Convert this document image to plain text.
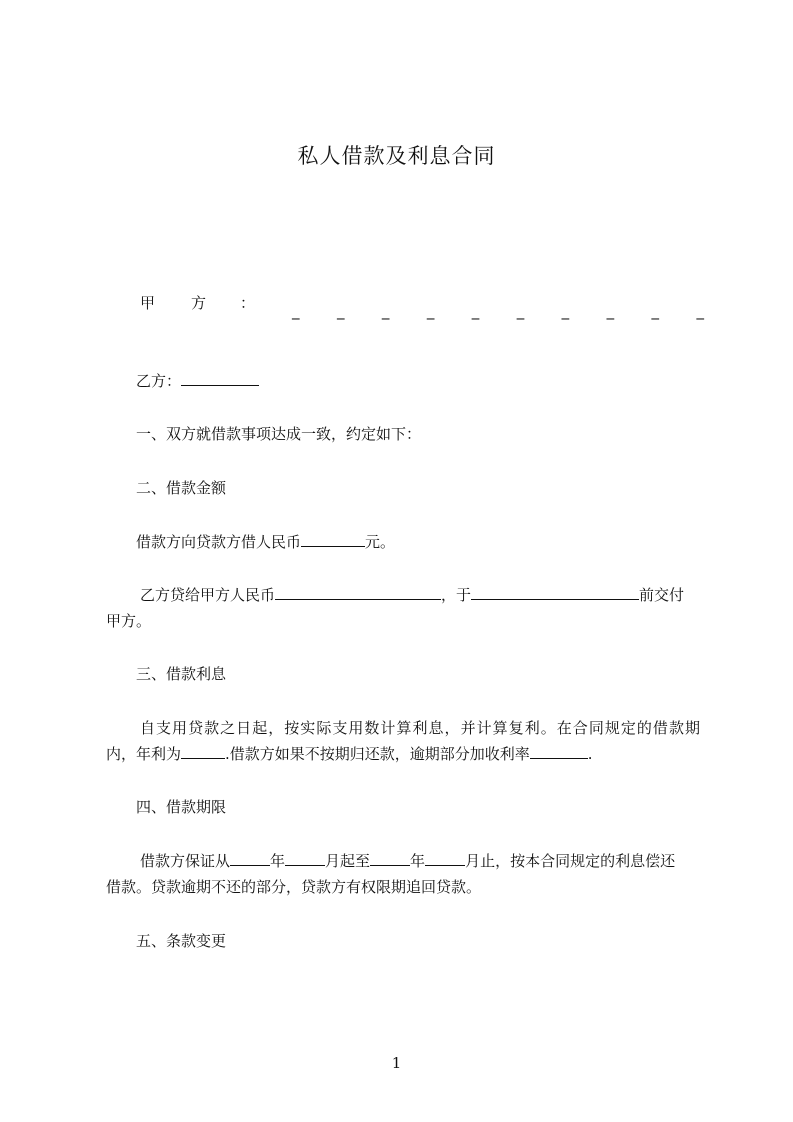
私人借款及利息合同
甲 方 ： _ _ _ _ _ _ _ _ _ _
乙方：
一、双方就借款事项达成一致，约定如下：
二、借款金额
借款方向贷款方借人民币	元。
乙方贷给甲方人民币	，于	前交付
甲方。
三、借款利息
自支用贷款之日起，按实际支用数计算利息，并计算复利。在合同规定的借款期
内，年利为	.借款方如果不按期归还款，逾期部分加收利率	.
四、借款期限
借款方保证从	年	月起至	年	月止，按本合同规定的利息偿还
借款。贷款逾期不还的部分，贷款方有权限期追回贷款。
五、条款变更
1
